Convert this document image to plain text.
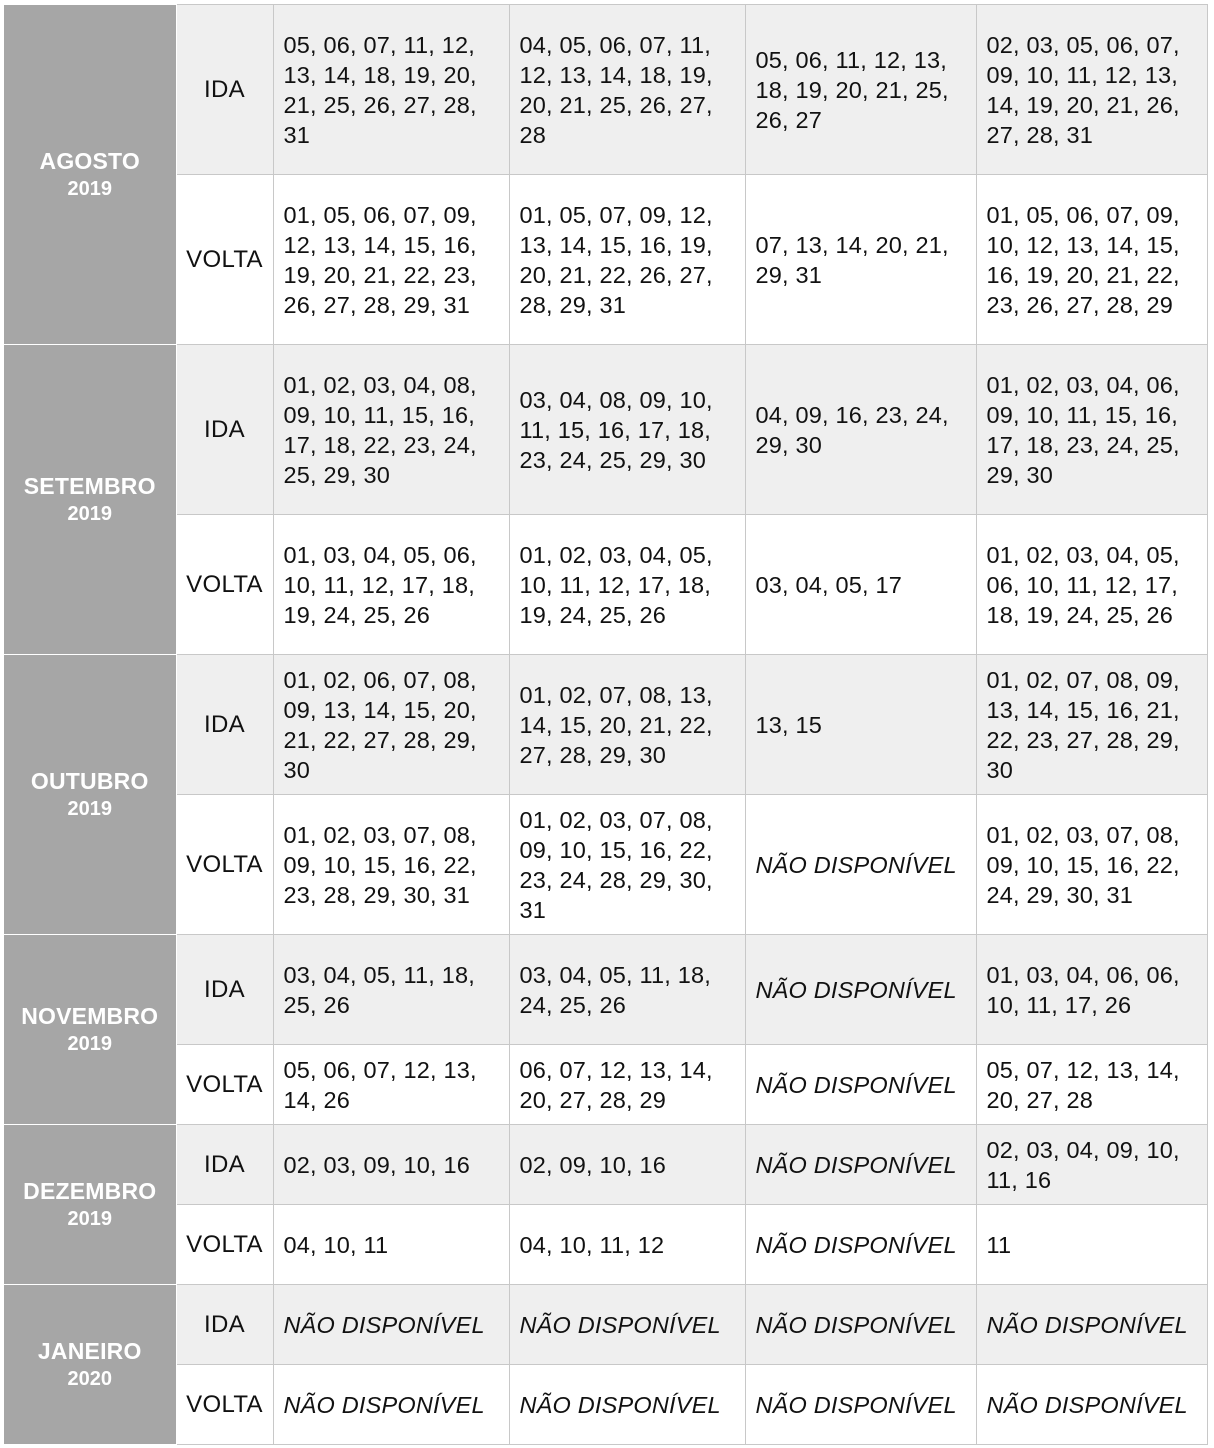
AGOSTO
2019	IDA	05, 06, 07, 11, 12, 13, 14, 18, 19, 20, 21, 25, 26, 27, 28, 31	04, 05, 06, 07, 11, 12, 13, 14, 18, 19, 20, 21, 25, 26, 27, 28	05, 06, 11, 12, 13, 18, 19, 20, 21, 25, 26, 27	02, 03, 05, 06, 07, 09, 10, 11, 12, 13, 14, 19, 20, 21, 26, 27, 28, 31
	VOLTA	01, 05, 06, 07, 09, 12, 13, 14, 15, 16, 19, 20, 21, 22, 23, 26, 27, 28, 29, 31	01, 05, 07, 09, 12, 13, 14, 15, 16, 19, 20, 21, 22, 26, 27, 28, 29, 31	07, 13, 14, 20, 21, 29, 31	01, 05, 06, 07, 09, 10, 12, 13, 14, 15, 16, 19, 20, 21, 22, 23, 26, 27, 28, 29

SETEMBRO
2019	IDA	01, 02, 03, 04, 08, 09, 10, 11, 15, 16, 17, 18, 22, 23, 24, 25, 29, 30	03, 04, 08, 09, 10, 11, 15, 16, 17, 18, 23, 24, 25, 29, 30	04, 09, 16, 23, 24, 29, 30	01, 02, 03, 04, 06, 09, 10, 11, 15, 16, 17, 18, 23, 24, 25, 29, 30
	VOLTA	01, 03, 04, 05, 06, 10, 11, 12, 17, 18, 19, 24, 25, 26	01, 02, 03, 04, 05, 10, 11, 12, 17, 18, 19, 24, 25, 26	03, 04, 05, 17	01, 02, 03, 04, 05, 06, 10, 11, 12, 17, 18, 19, 24, 25, 26

OUTUBRO
2019	IDA	01, 02, 06, 07, 08, 09, 13, 14, 15, 20, 21, 22, 27, 28, 29, 30	01, 02, 07, 08, 13, 14, 15, 20, 21, 22, 27, 28, 29, 30	13, 15	01, 02, 07, 08, 09, 13, 14, 15, 16, 21, 22, 23, 27, 28, 29, 30
	VOLTA	01, 02, 03, 07, 08, 09, 10, 15, 16, 22, 23, 28, 29, 30, 31	01, 02, 03, 07, 08, 09, 10, 15, 16, 22, 23, 24, 28, 29, 30, 31	NÃO DISPONÍVEL	01, 02, 03, 07, 08, 09, 10, 15, 16, 22, 24, 29, 30, 31

NOVEMBRO
2019	IDA	03, 04, 05, 11, 18, 25, 26	03, 04, 05, 11, 18, 24, 25, 26	NÃO DISPONÍVEL	01, 03, 04, 06, 06, 10, 11, 17, 26
	VOLTA	05, 06, 07, 12, 13, 14, 26	06, 07, 12, 13, 14, 20, 27, 28, 29	NÃO DISPONÍVEL	05, 07, 12, 13, 14, 20, 27, 28

DEZEMBRO
2019	IDA	02, 03, 09, 10, 16	02, 09, 10, 16	NÃO DISPONÍVEL	02, 03, 04, 09, 10, 11, 16
	VOLTA	04, 10, 11	04, 10, 11, 12	NÃO DISPONÍVEL	11

JANEIRO
2020	IDA	NÃO DISPONÍVEL	NÃO DISPONÍVEL	NÃO DISPONÍVEL	NÃO DISPONÍVEL
	VOLTA	NÃO DISPONÍVEL	NÃO DISPONÍVEL	NÃO DISPONÍVEL	NÃO DISPONÍVEL
